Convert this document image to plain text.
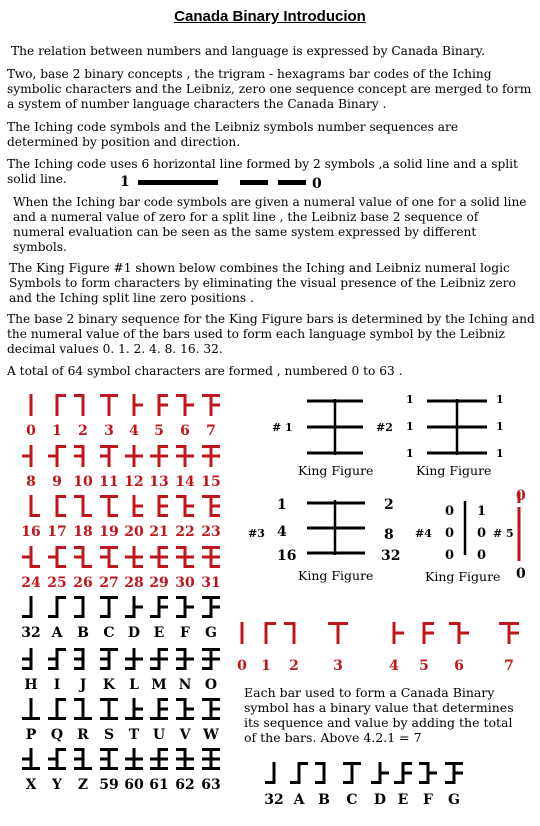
Canada Binary Introducion

The relation between numbers and language is expressed by Canada Binary.

Two, base 2 binary concepts , the trigram - hexagrams bar codes of the Iching symbolic characters and the Leibniz, zero one sequence concept are merged to form a system of number language characters the Canada Binary .

The Iching code symbols and the Leibniz symbols number sequences are determined by position and direction.

The Iching code uses 6 horizontal line formed by 2 symbols ,a solid line and a split solid line.	1	0

When the Iching bar code symbols are given a numeral value of one for a solid line and a numeral value of zero for a split line , the Leibniz base 2 sequence of numeral evaluation can be seen as the same system expressed by different symbols.

The King Figure #1 shown below combines the Iching and Leibniz numeral logic Symbols to form characters by eliminating the visual presence of the Leibniz zero and the Iching split line zero positions .

The base 2 binary sequence for the King Figure bars is determined by the Iching and the numeral value of the bars used to form each language symbol by the Leibniz decimal values 0. 1. 2. 4. 8. 16. 32.

A total of 64 symbol characters are formed , numbered 0 to 63 .

0 1 2 3 4 5 6 7
8 9 10 11 12 13 14 15
16 17 18 19 20 21 22 23
24 25 26 27 28 29 30 31
32 A B C D E F G
H I J K L M N O
P Q R S T U V W
X Y Z 59 60 61 62 63
# 1	#2
1	1
1	1
1	1
King Figure	King Figure
#3
1	2
4	8
16	32
King Figure
#4
0 1
0 0
0 0
King Figure
# 5
0
0
0 1 2 3	4 5 6	7

Each bar used to form a Canada Binary symbol has a binary value that determines its sequence and value by adding the total of the bars. Above 4.2.1 = 7

32 A B C D E F G
